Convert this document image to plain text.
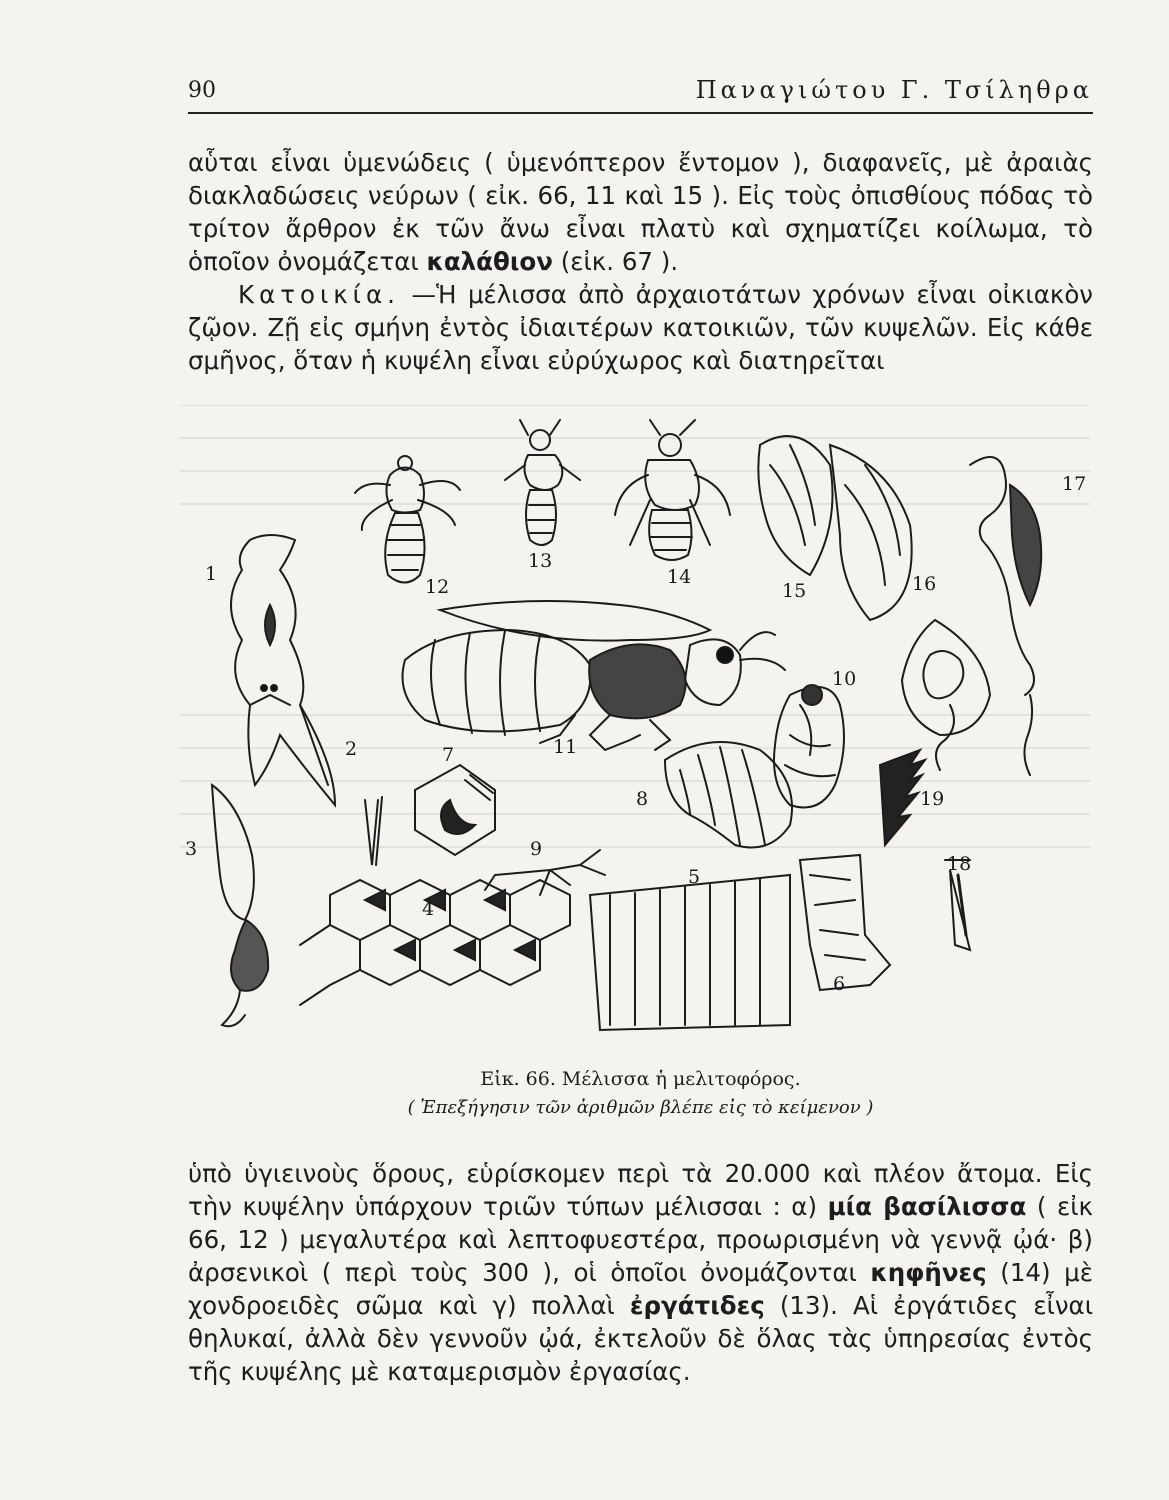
90	Παναγιώτου Γ. Τσίληθρα

αὗται εἶναι ὑμενώδεις ( ὑμενόπτερον ἔντομον ), διαφανεῖς, μὲ ἀραιὰς διακλαδώσεις νεύρων ( εἰκ. 66, 11 καὶ 15 ). Εἰς τοὺς ὀπισθίους πόδας τὸ τρίτον ἄρθρον ἐκ τῶν ἄνω εἶναι πλατὺ καὶ σχηματίζει κοίλωμα, τὸ ὁποῖον ὀνομάζεται καλάθιον (εἰκ. 67 ).

Κατοικία. —Ἡ μέλισσα ἀπὸ ἀρχαιοτάτων χρόνων εἶναι οἰκιακὸν ζῷον. Ζῇ εἰς σμήνη ἐντὸς ἰδιαιτέρων κατοικιῶν, τῶν κυψελῶν. Εἰς κάθε σμῆνος, ὅταν ἡ κυψέλη εἶναι εὐρύχωρος καὶ διατηρεῖται

1
2
3
4
5
6
7
8
9
10
11
12
13
14
15	16
17
18
19
Εἰκ. 66. Μέλισσα ἡ μελιτοφόρος.
( Ἐπεξήγησιν τῶν ἀριθμῶν βλέπε εἰς τὸ κείμενον )

ὑπὸ ὑγιεινοὺς ὅρους, εὑρίσκομεν περὶ τὰ 20.000 καὶ πλέον ἄτομα. Εἰς τὴν κυψέλην ὑπάρχουν τριῶν τύπων μέλισσαι : α) μία βασίλισσα ( εἰκ 66, 12 ) μεγαλυτέρα καὶ λεπτοφυεστέρα, προωρισμένη νὰ γεννᾷ ᾠά· β) ἀρσενικοὶ ( περὶ τοὺς 300 ), οἱ ὁποῖοι ὀνομάζονται κηφῆνες (14) μὲ χονδροειδὲς σῶμα καὶ γ) πολλαὶ ἐργάτιδες (13). Αἱ ἐργάτιδες εἶναι θηλυκαί, ἀλλὰ δὲν γεννοῦν ᾠά, ἐκτελοῦν δὲ ὅλας τὰς ὑπηρεσίας ἐντὸς τῆς κυψέλης μὲ καταμερισμὸν ἐργασίας.
